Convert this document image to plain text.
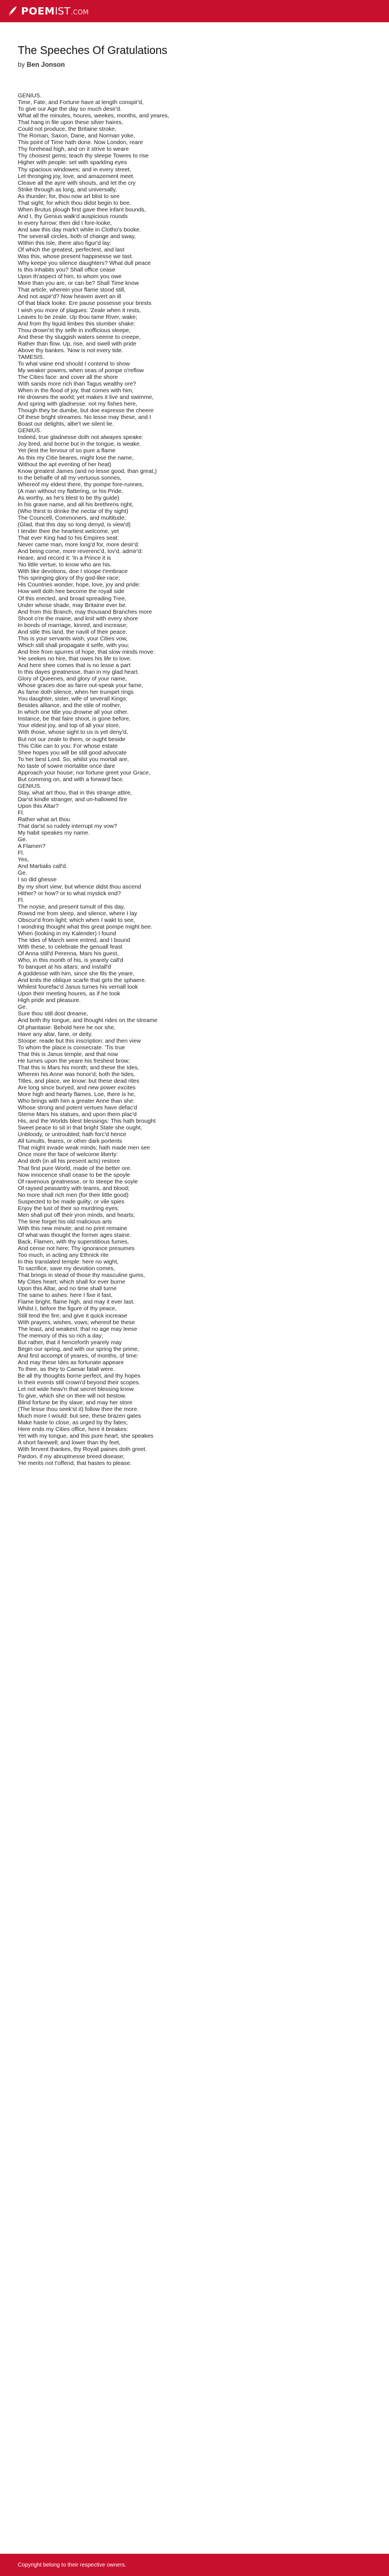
POEM IST .COM
The Speeches Of Gratulations

by Ben Jonson

GENIUS.
Time, Fate, and Fortune have at length conspir'd,
To give our Age the day so much desir'd.
What all the minutes, houres, weekes, months, and yeares,
That hang in file upon these silver haires,
Could not produce, the Britaine stroke,
The Roman, Saxon, Dane, and Norman yoke,
This point of Time hath done. Now London, reare
Thy forehead high, and on it strive to weare
Thy choisest gems; teach thy steepe Towres to rise
Higher with people: set with sparkling eyes
Thy spacious windowes; and in every street,
Let thronging joy, love, and amazement meet.
Cleave all the ayre with shouts, and let the cry
Strike through as long, and universally,
As thunder; for, thou now art blist to see
That sight, for which thou didst begin to bee.
When Brutus plough first gave thee infant bounds,
And I, thy Genius walk'd auspicious rounds
In every furrow; then did I fore-looke,
And saw this day mark't white in Clotho's booke.
The severall circles, both of change and sway,
Within this Isle, there also figur'd lay:
Of which the greatest, perfectest, and last
Was this, whose present happinesse we tast.
Why keepe you silence daughters? What dull peace
Is this inhabits you? Shall office cease
Upon th'aspect of him, to whom you owe
More than you are, or can be? Shall Time know
That article, wherein your flame stood still,
And not aspir'd? Now heaven avert an ill
Of that black looke. Ere pause possesse your brests
I wish you more of plagues: 'Zeale when it rests,
Leaves to be zeale. Up thou tame River, wake;
And from thy liquid limbes this slumber shake:
Thou drown'st thy selfe in inofficious sleepe;
And these thy sluggish waters seeme to creepe,
Rather than flow. Up, rise, and swell with pride
Above thy bankes. 'Now is not every tide.
TAMESIS.
To what vaine end should I contend to show
My weaker powers, when seas of pompe o'reflow
The Cities face: and cover all the shore
With sands more rich than Tagus wealthy ore?
When in the flood of joy, that comes with him,
He drownes the world; yet makes it live and swimme,
And spring with gladnesse: not my fishes here,
Though they be dumbe, but doe expresse the cheere
Of these bright streames. No lesse may these, and I
Boast our delights, albe't we silent lie.
GENIUS.
Indeed, true gladnesse doth not alwayes speake:
Joy bred, and borne but in the tongue, is weake.
Yet (lest the fervour of so pure a flame
As this my Citie beares, might lose the name,
Without the apt eventing of her heat)
Know greatest James (and no lesse good, than great,)
In the behalfe of all my vertuous sonnes,
Whereof my eldest there, thy pompe fore-runnes,
(A man without my flattering, or his Pride,
As worthy, as he's blest to be thy guide)
In his grave name, and all his brethrens right,
(Who thirst to drinke the nectar of thy sight)
The Councell, Commoners, and multitude;
(Glad, that this day so long denyd, is view'd)
I tender thee the heartiest welcome, yet
That ever King had to his Empires seat:
Never came man, more long'd for, more desir'd:
And being come, more reverenc'd, lov'd, admir'd:
Heare, and record it: 'In a Prince it is
'No little vertue, to know who are his.
With like devotions, doe I stoope t'embrace
This springing glory of thy god-like race;
His Countries wonder, hope, love, joy and pride:
How well doth hee become the royall side
Of this erected, and broad spreading Tree,
Under whose shade, may Britaine ever be.
And from this Branch, may thousand Branches more
Shoot o're the maine, and knit with every shore
In bonds of marriage, kinred, and increase;
And stile this land, the navill of their peace.
This is your servants wish, your Cities vow,
Which still shall propagate it selfe, with you;
And free from spurres of hope, that slow minds move:
'He seekes no hire, that owes his life to love.
And here shee comes that is no lesse a part
In this dayes greatnesse, than in my glad heart.
Glory of Queenes, and glory of your name,
Whose graces doe as farre out-speak your fame,
As fame doth silence, when her trumpet rings
You daughter, sister, wife of severall Kings:
Besides alliance, and the stile of mother,
In which one title you drowne all your other.
Instance, be that faire shoot, is gone before,
Your eldest joy, and top of all your store,
With those, whose sight to us is yet deny'd,
But not our zeale to them, or ought beside
This Citie can to you: For whose estate
Shee hopes you will be still good advocate
To her best Lord. So, whilst you mortall are,
No taste of sowre mortalitie once dare
Approach your house; nor fortune greet your Grace,
But comming on, and with a forward face.
GENIUS.
Stay, what art thou, that in this strange attire,
Dar'st kindle stranger, and un-hallowed fire
Upon this Altar?
Fl.
Rather what art thou
That dar'st so rudely interrupt my vow?
My habit speakes my name.
Ge.
A Flamen?
Fl.
Yes,
And Martialis call'd.
Ge.
I so did ghesse
By my short view; but whence didst thou ascend
Hither? or how? or to what mystick end?
Fl.
The noyse, and present tumult of this day,
Rowsd me from sleep, and silence, where I lay
Obscur'd from light; which when I wakt to see,
I wondring thought what this great pompe might bee.
When (looking in my Kalender) I found
The Ides of March were entred, and I bound
With these, to celebrate the genuall feast
Of Anna still'd Perenna, Mars his guest,
Who, in this month of his, is yearely call'd
To banquet at his altars; and install'd
A goddesse with him, since she fils the yeare,
And knits the oblique scarfe that girts the sphaere.
Whilest fourefac'd Janus turnes his vernall look
Upon their meeting houres, as if he took
High pride and pleasure.
Ge.
Sure thou still dost dreame,
And both thy tongue, and thought rides on the streame
Of phantasie: Behold here he nor she,
Have any altar, fane, or deity.
Stoope: reade but this inscription: and then view
To whom the place is consecrate. 'Tis true
That this is Janus temple, and that now
He turnes upon the yeare his freshest brow;
That this is Mars his month; and these the Ides,
Wherein his Anne was honor'd; both the tides,
Titles, and place, we know: but these dead rites
Are long since buryed, and new power excites
More high and hearty flames. Loe, there is he,
Who brings with him a greater Anne than she:
Whose strong and potent vertues have defac'd
Sterne Mars his statues, and upon them plac'd
His, and the Worlds blest blessings: This hath brought
Sweet peace to sit in that bright State she ought,
Unbloody, or untroubled; hath forc'd hence
All tumults, feares, or other dark portents
That might invade weak minds; hath made men see
Once more the face of welcome liberty:
And doth (in all his present acts) restore
That first pure World, made of the better ore.
Now innocence shall cease to be the spoyle
Of ravenous greatnesse, or to steepe the soyle
Of raysed peasantry with teares, and blood;
No more shall rich men (for their little good)
Suspected to be made guilty; or vile spies
Enjoy the lust of their so murdring eyes:
Men shall put off their yron minds, and hearts;
The time forget his old malicious arts
With this new minute; and no print remaine
Of what was thought the former ages staine.
Back, Flamen, with thy superstitious fumes,
And cense not here; Thy ignorance presumes
Too much, in acting any Ethnick rite
In this translated temple: here no wight,
To sacrifice, save my devotion comes,
That brings in stead of those thy masculine gums,
My Cities heart; which shall for ever burne
Upon this Altar, and no time shall turne
The same to ashes: here I fixe it fast,
Flame bright, flame high, and may it ever last.
Whilst I, before the figure of thy peace,
Still tend the fire; and give it quick increase
With prayers, wishes, vows; whereof be these
The least, and weakest: that no age may leese
The memory of this so rich a day;
But rather, that it henceforth yearely may
Begin our spring, and with our spring the prime,
And first accompt of yeares, of months, of time:
And may these Ides as fortunate appeare
To thee, as they to Caesar fatall were.
Be all thy thoughts borne perfect, and thy hopes
In their events still crown'd beyond their scopes.
Let not wide heav'n that secret blessing know
To give, which she on thee will not bestow.
Blind fortune be thy slave; and may her store
(The lesse thou seek'st it) follow thee the more.
Much more I would: but see, these brazen gates
Make haste to close, as urged by thy fates;
Here ends my Cities office, here it breakes:
Yet with my tongue, and this pure heart, she speakes
A short farewell; and lower than thy feet,
With fervent thankes, thy Royall paines doth greet.
Pardon, if my abruptnesse breed disease;
'He merits not t'offend, that hastes to please.
Copyright belong to their respective owners.
